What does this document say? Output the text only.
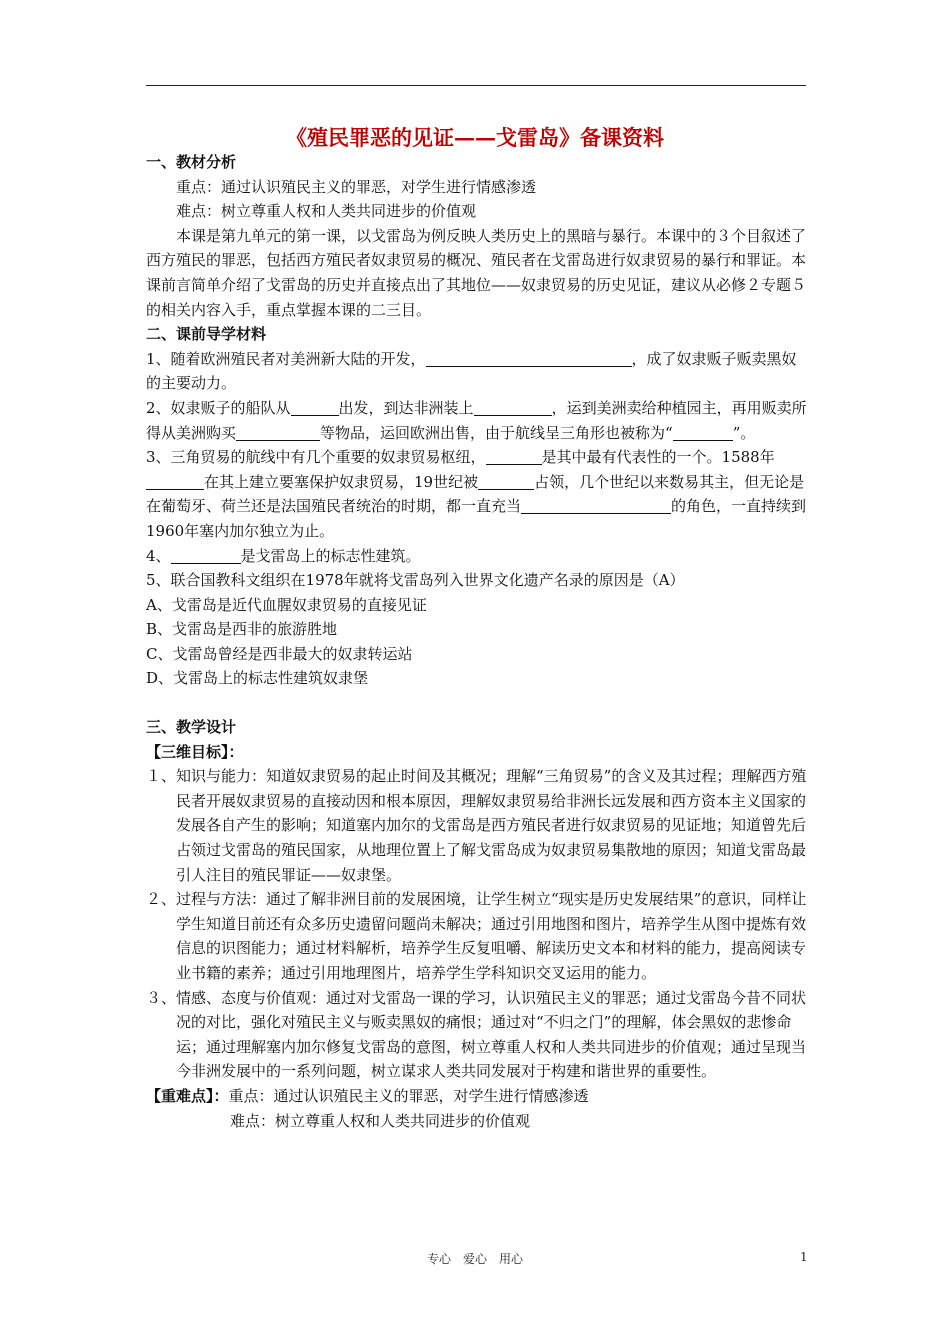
《殖民罪恶的见证——戈雷岛》备课资料

一、教材分析

重点：通过认识殖民主义的罪恶，对学生进行情感渗透

难点：树立尊重人权和人类共同进步的价值观

本课是第九单元的第一课，以戈雷岛为例反映人类历史上的黑暗与暴行。本课中的３个目叙述了西方殖民的罪恶，包括西方殖民者奴隶贸易的概况、殖民者在戈雷岛进行奴隶贸易的暴行和罪证。本课前言简单介绍了戈雷岛的历史并直接点出了其地位——奴隶贸易的历史见证，建议从必修２专题５的相关内容入手，重点掌握本课的二三目。

二、课前导学材料

1、随着欧洲殖民者对美洲新大陆的开发，	，成了奴隶贩子贩卖黑奴的主要动力。

2、奴隶贩子的船队从	出发，到达非洲装上	，运到美洲卖给种植园主，再用贩卖所得从美洲购买	等物品，运回欧洲出售，由于航线呈三角形也被称为“	”。

3、三角贸易的航线中有几个重要的奴隶贸易枢纽，	是其中最有代表性的一个。1588年在其上建立要塞保护奴隶贸易，19世纪被	占领，几个世纪以来数易其主，但无论是在葡萄牙、荷兰还是法国殖民者统治的时期，都一直充当	的角色，一直持续到1960年塞内加尔独立为止。

4、	是戈雷岛上的标志性建筑。

5、联合国教科文组织在1978年就将戈雷岛列入世界文化遗产名录的原因是（A）

A、戈雷岛是近代血腥奴隶贸易的直接见证

B、戈雷岛是西非的旅游胜地

C、戈雷岛曾经是西非最大的奴隶转运站

D、戈雷岛上的标志性建筑奴隶堡

三、教学设计

【三维目标】：

１、 知识与能力：知道奴隶贸易的起止时间及其概况；理解“三角贸易”的含义及其过程；理解西方殖民者开展奴隶贸易的直接动因和根本原因，理解奴隶贸易给非洲长远发展和西方资本主义国家的发展各自产生的影响；知道塞内加尔的戈雷岛是西方殖民者进行奴隶贸易的见证地；知道曾先后占领过戈雷岛的殖民国家，从地理位置上了解戈雷岛成为奴隶贸易集散地的原因；知道戈雷岛最引人注目的殖民罪证——奴隶堡。

２、 过程与方法：通过了解非洲目前的发展困境，让学生树立“现实是历史发展结果”的意识，同样让学生知道目前还有众多历史遗留问题尚未解决；通过引用地图和图片，培养学生从图中提炼有效信息的识图能力；通过材料解析，培养学生反复咀嚼、解读历史文本和材料的能力，提高阅读专业书籍的素养；通过引用地理图片，培养学生学科知识交叉运用的能力。

３、 情感、态度与价值观：通过对戈雷岛一课的学习，认识殖民主义的罪恶；通过戈雷岛今昔不同状况的对比，强化对殖民主义与贩卖黑奴的痛恨；通过对“不归之门”的理解，体会黑奴的悲惨命运；通过理解塞内加尔修复戈雷岛的意图，树立尊重人权和人类共同进步的价值观；通过呈现当今非洲发展中的一系列问题，树立谋求人类共同发展对于构建和谐世界的重要性。

【重难点】：重点：通过认识殖民主义的罪恶，对学生进行情感渗透

难点：树立尊重人权和人类共同进步的价值观

专心　爱心　用心	1
